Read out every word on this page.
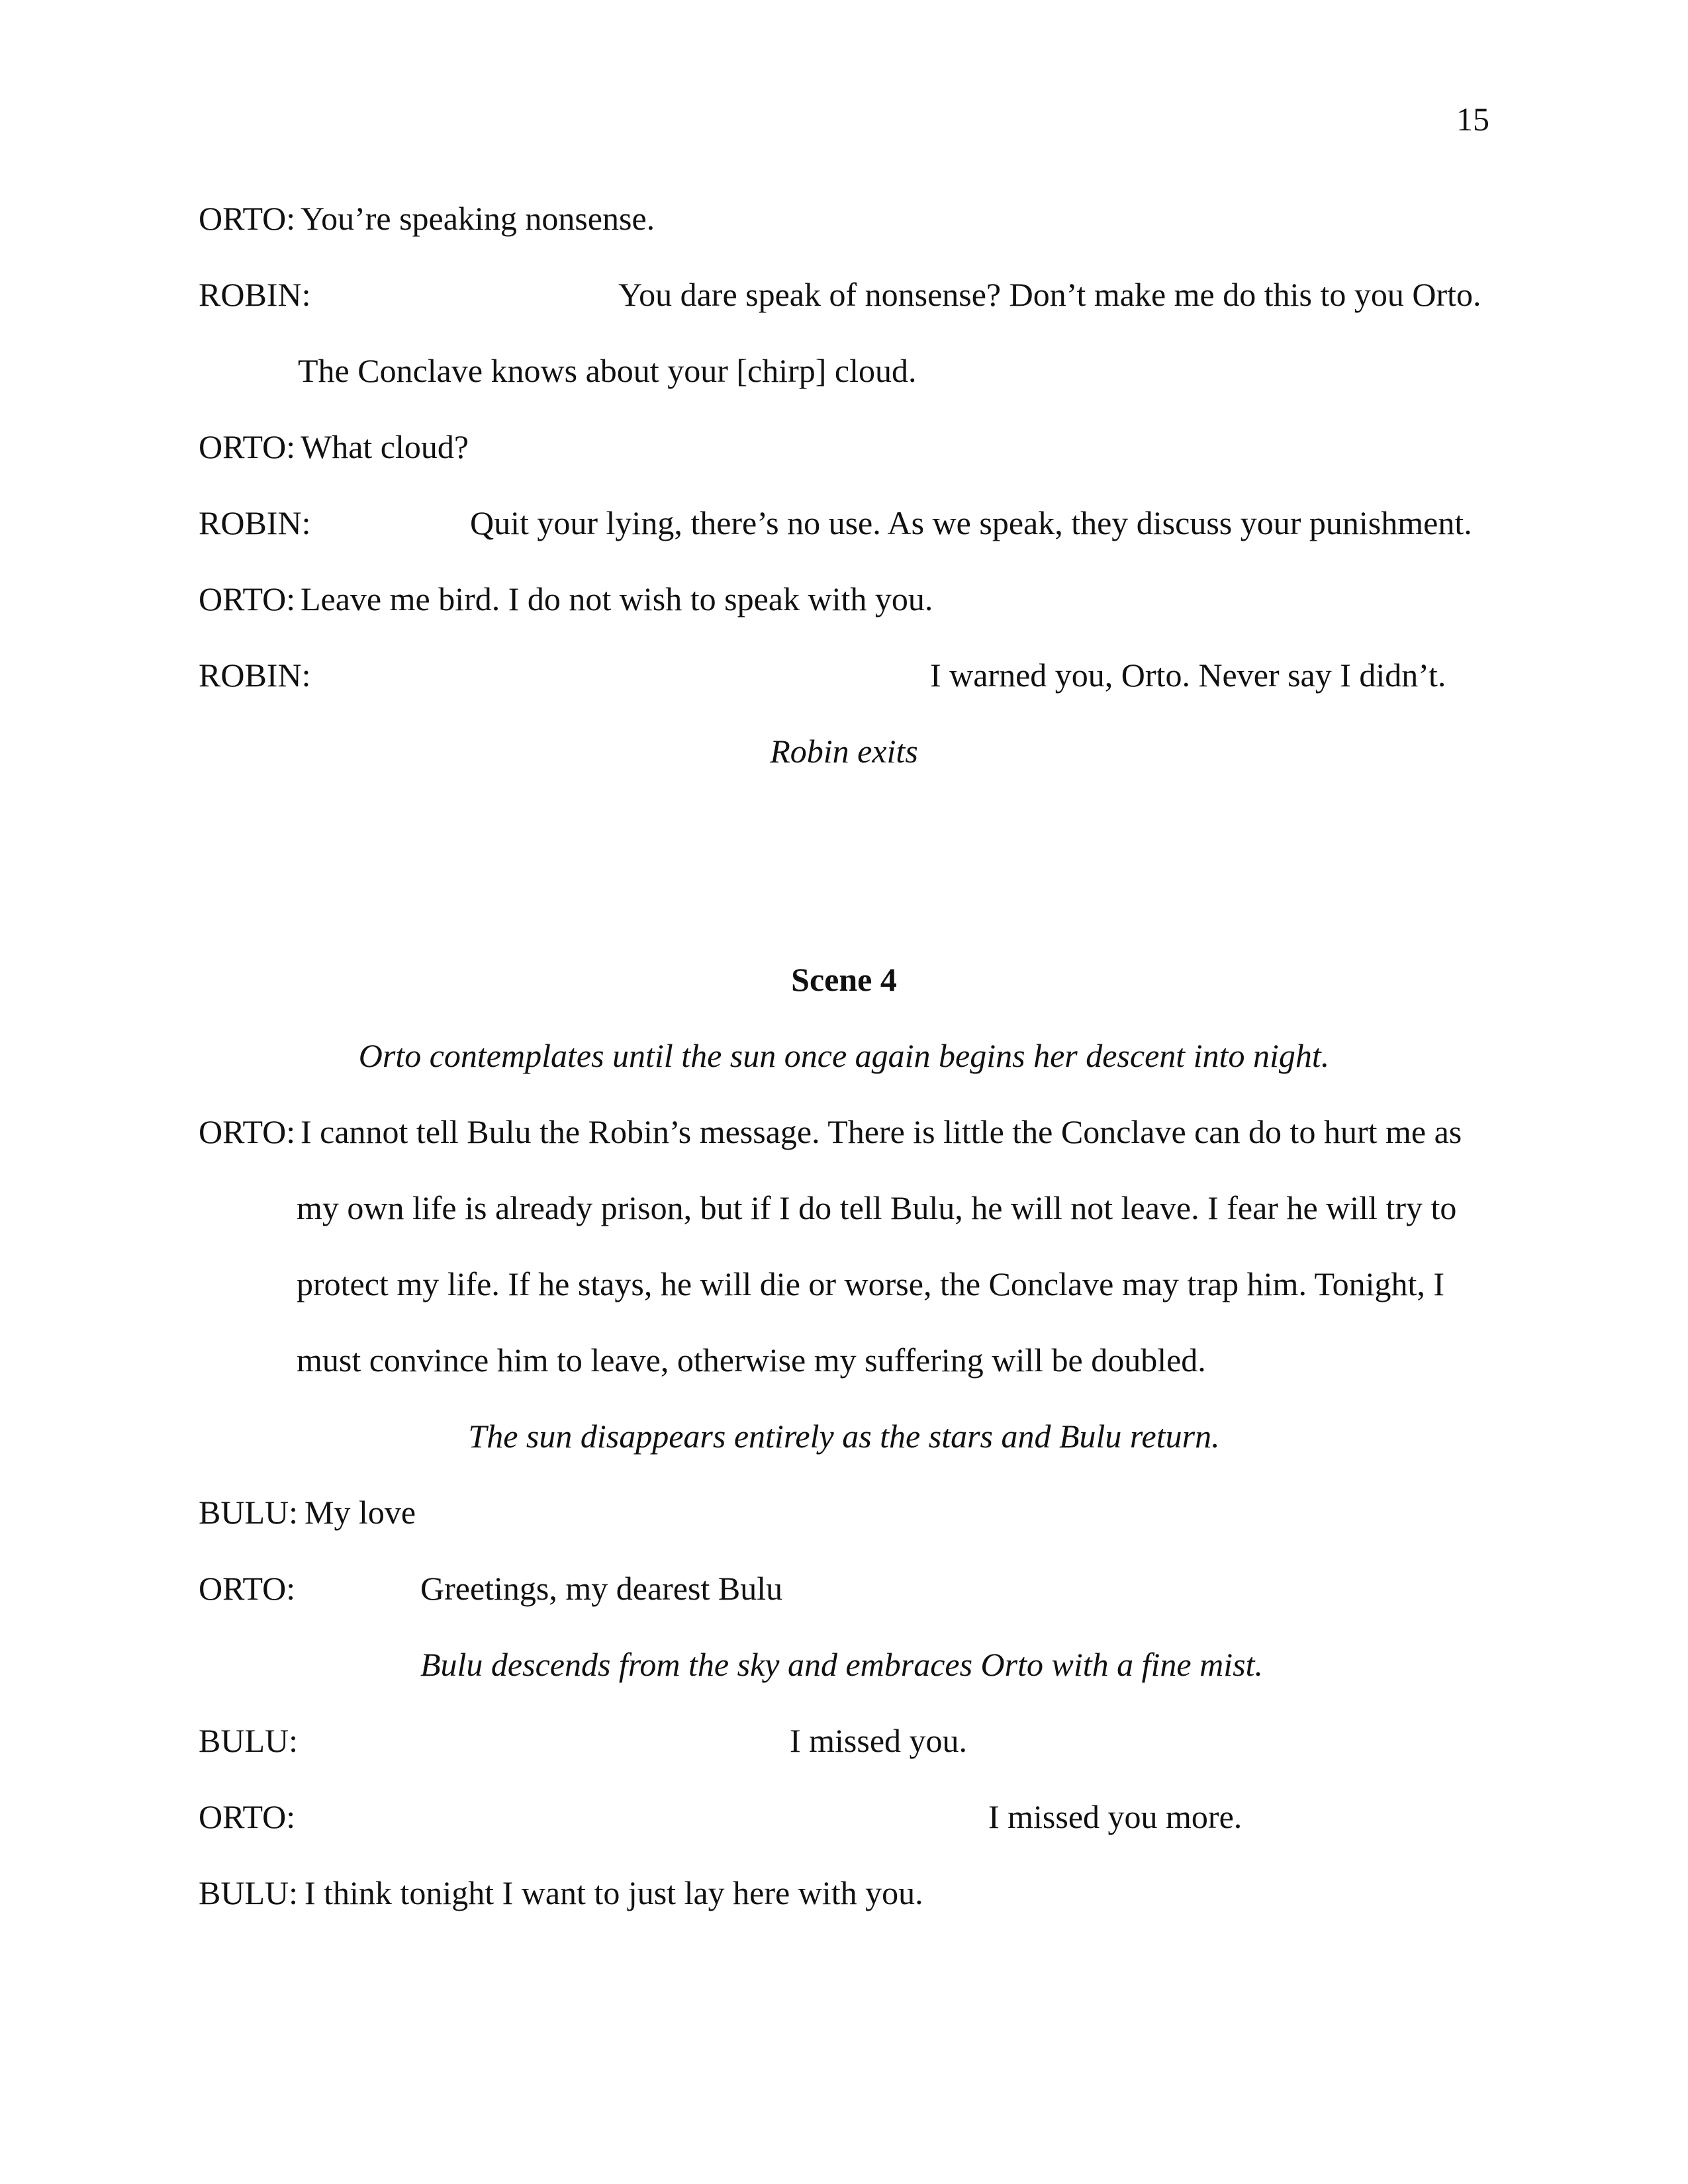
15
ORTO: You’re speaking nonsense.
ROBIN:	You dare speak of nonsense? Don’t make me do this to you Orto.
The Conclave knows about your [chirp] cloud.
ORTO: What cloud?
ROBIN:	Quit your lying, there’s no use. As we speak, they discuss your punishment.
ORTO: Leave me bird. I do not wish to speak with you.
ROBIN:	I warned you, Orto. Never say I didn’t.
Robin exits
Scene 4
Orto contemplates until the sun once again begins her descent into night.
ORTO: I cannot tell Bulu the Robin’s message. There is little the Conclave can do to hurt me as
my own life is already prison, but if I do tell Bulu, he will not leave. I fear he will try to
protect my life. If he stays, he will die or worse, the Conclave may trap him. Tonight, I
must convince him to leave, otherwise my suffering will be doubled.
The sun disappears entirely as the stars and Bulu return.
BULU: My love
ORTO:	Greetings, my dearest Bulu
Bulu descends from the sky and embraces Orto with a fine mist.
BULU:	I missed you.
ORTO:	I missed you more.
BULU: I think tonight I want to just lay here with you.
